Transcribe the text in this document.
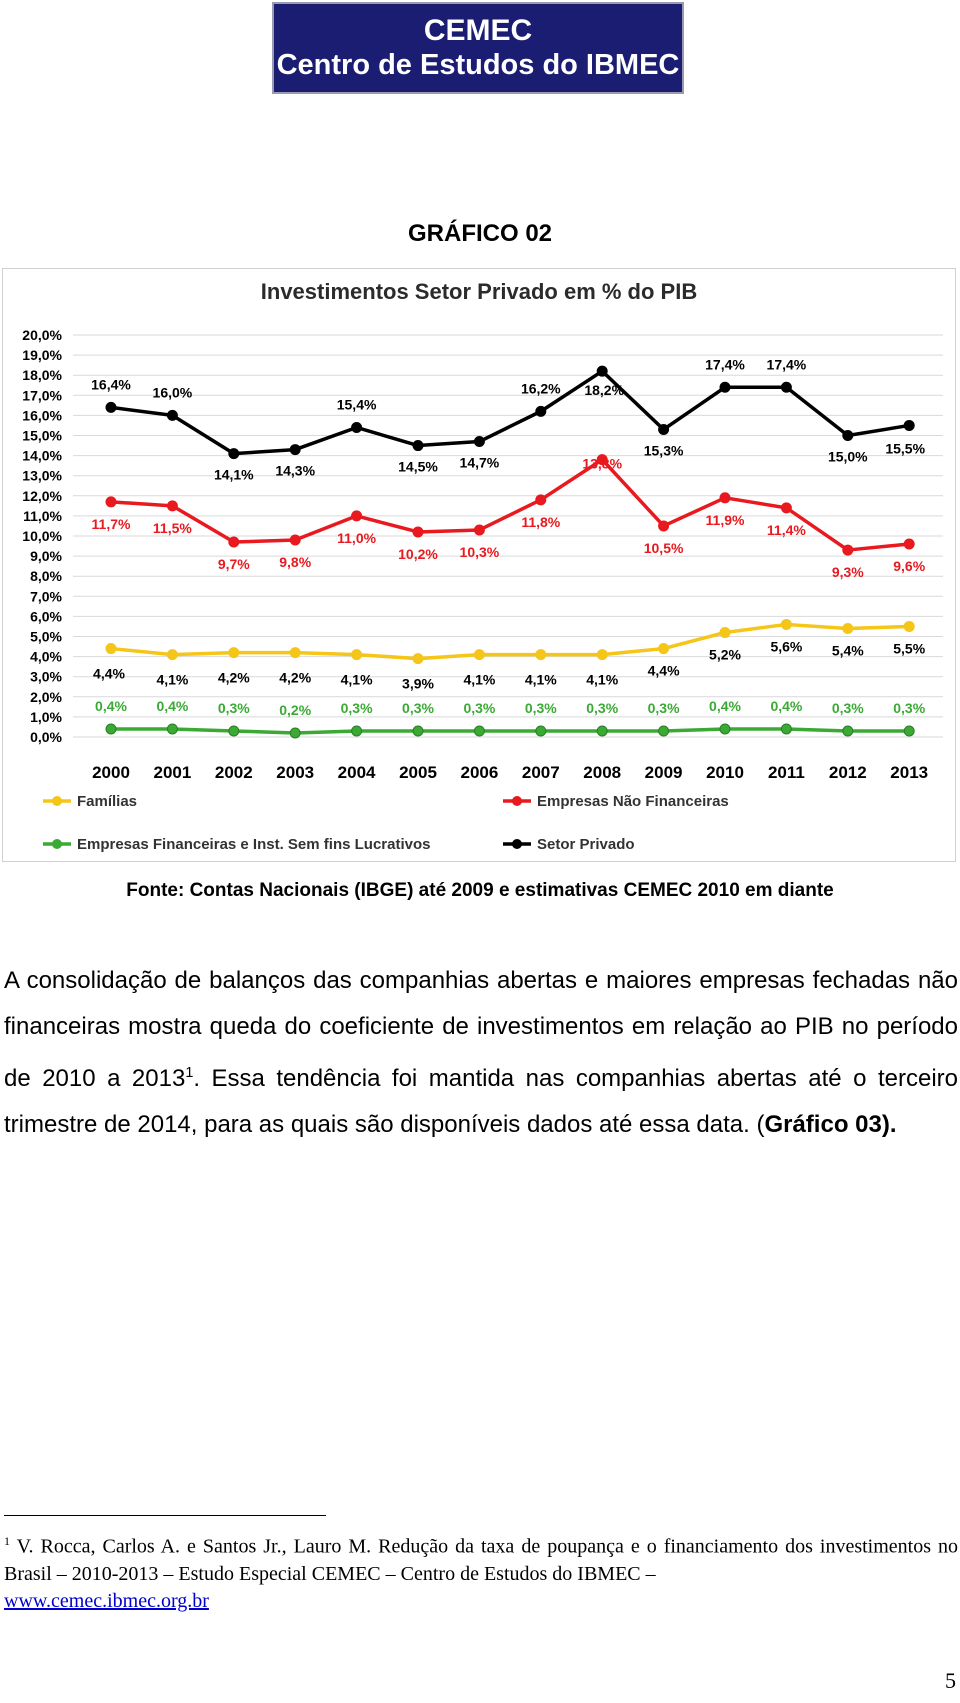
CEMEC
Centro de Estudos do IBMEC
GRÁFICO 02
Investimentos Setor Privado em % do PIB
0,0%
1,0%
2,0%
3,0%
4,0%
5,0%
6,0%
7,0%
8,0%
9,0%
10,0%
11,0%
12,0%
13,0%
14,0%
15,0%
16,0%
17,0%
18,0%
19,0%
20,0%
2000 2001 2002 2003 2004 2005 2006 2007 2008 2009 2010 2011 2012 2013
16,4%
16,0%
14,1% 14,3%
15,4%
14,5% 14,7%
16,2% 18,2%
15,3%
17,4% 17,4%
15,0%
15,5%
11,7% 11,5%
9,7% 9,8%
11,0%
10,2% 10,3%
11,8%
13,8%
10,5%
11,9%
11,4%
9,3% 9,6%
4,4% 4,1% 4,2% 4,2% 4,1% 3,9% 4,1% 4,1% 4,1%
4,4%
5,2%
5,6% 5,4% 5,5%
0,4% 0,4% 0,3% 0,2% 0,3% 0,3% 0,3% 0,3% 0,3% 0,3% 0,4% 0,4% 0,3% 0,3%
Famílias	Empresas Não Financeiras
Empresas Financeiras e Inst. Sem fins Lucrativos	Setor Privado
Fonte: Contas Nacionais (IBGE) até 2009 e estimativas CEMEC 2010 em diante

A consolidação de balanços das companhias abertas e maiores empresas fechadas não financeiras mostra queda do coeficiente de investimentos em relação ao PIB no período de 2010 a 2013$^1$. Essa tendência foi mantida nas companhias abertas até o terceiro trimestre de 2014, para as quais são disponíveis dados até essa data. (Gráfico 03).

$^1$ V. Rocca, Carlos A. e Santos Jr., Lauro M. Redução da taxa de poupança e o financiamento dos investimentos no Brasil – 2010-2013 – Estudo Especial CEMEC – Centro de Estudos do IBMEC –
www.cemec.ibmec.org.br
5
